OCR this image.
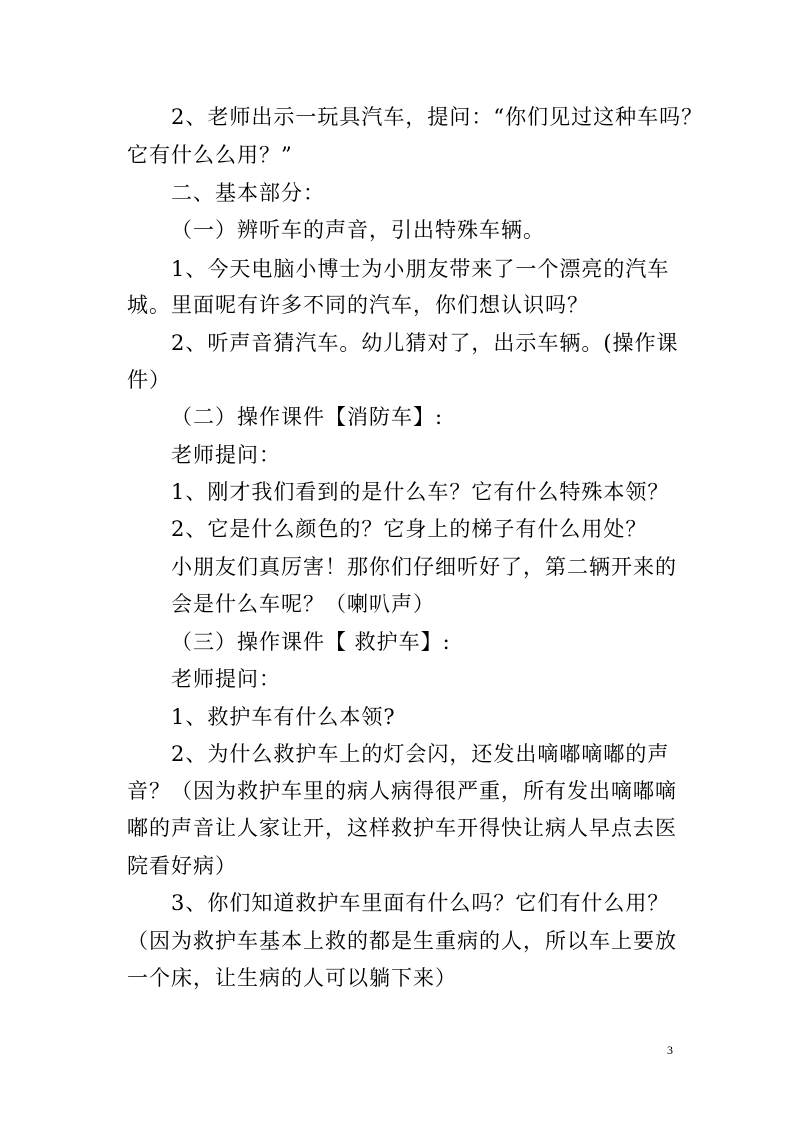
2、老师出示一玩具汽车，提问：“你们见过这种车吗？
它有什么么用？”
二、基本部分：
（一）辨听车的声音，引出特殊车辆。
1、今天电脑小博士为小朋友带来了一个漂亮的汽车
城。里面呢有许多不同的汽车，你们想认识吗？
2、听声音猜汽车。幼儿猜对了，出示车辆。(操作课
件）
（二）操作课件【消防车】:
老师提问：
1、刚才我们看到的是什么车？它有什么特殊本领？
2、它是什么颜色的？它身上的梯子有什么用处？
小朋友们真厉害！那你们仔细听好了，第二辆开来的
会是什么车呢？（喇叭声）
（三）操作课件【 救护车】:
老师提问：
1、救护车有什么本领?
2、为什么救护车上的灯会闪，还发出嘀嘟嘀嘟的声
音？（因为救护车里的病人病得很严重，所有发出嘀嘟嘀
嘟的声音让人家让开，这样救护车开得快让病人早点去医
院看好病）
3、你们知道救护车里面有什么吗？它们有什么用？
（因为救护车基本上救的都是生重病的人，所以车上要放
一个床，让生病的人可以躺下来）
3
